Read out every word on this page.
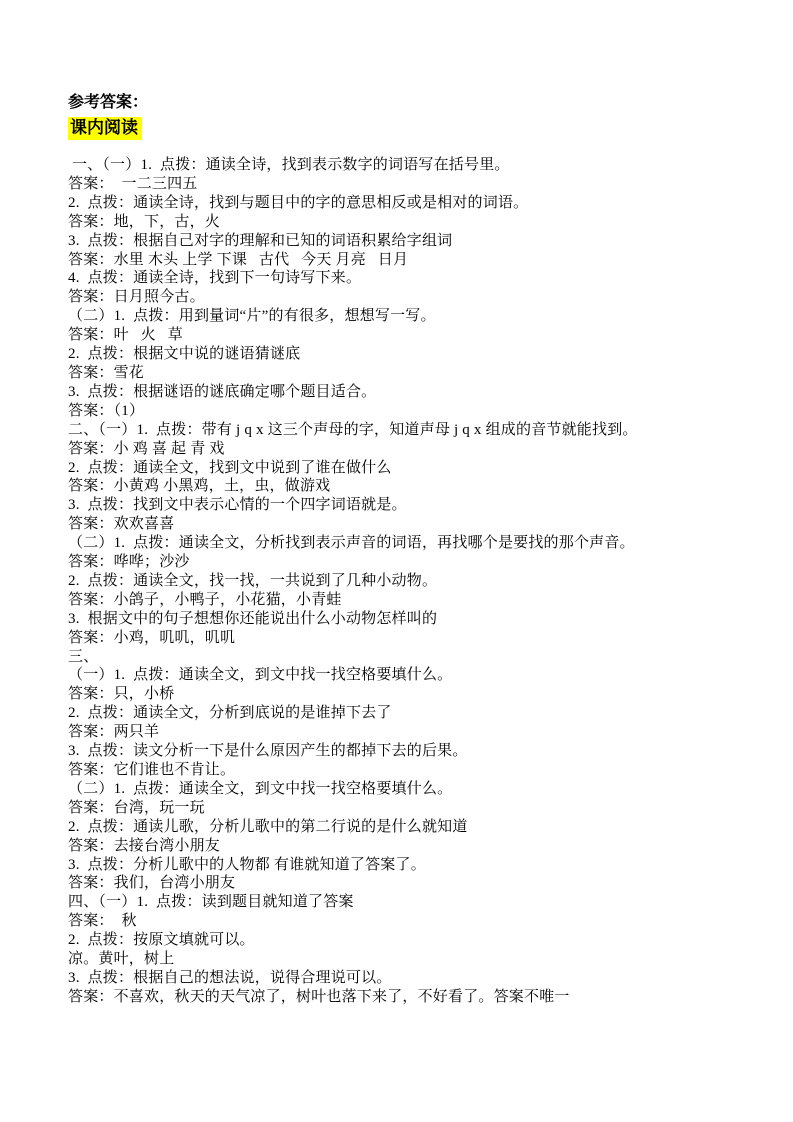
参考答案：

课内阅读
一、（一）1.  点拨：通读全诗，找到表示数字的词语写在括号里。
答案：  一二三四五
2.  点拨：通读全诗，找到与题目中的字的意思相反或是相对的词语。
答案：地，下，古，火
3.  点拨：根据自己对字的理解和已知的词语积累给字组词
答案：水里 木头 上学 下课   古代   今天 月亮   日月
4.  点拨：通读全诗，找到下一句诗写下来。
答案：日月照今古。
（二）1.  点拨：用到量词“片”的有很多，想想写一写。
答案：叶   火   草
2.  点拨：根据文中说的谜语猜谜底
答案：雪花
3.  点拨：根据谜语的谜底确定哪个题目适合。
答案：（1）
二、（一）1.  点拨：带有 j q x 这三个声母的字，知道声母 j q x 组成的音节就能找到。
答案：小 鸡 喜 起 青 戏
2.  点拨：通读全文，找到文中说到了谁在做什么
答案：小黄鸡 小黑鸡，土，虫，做游戏
3.  点拨：找到文中表示心情的一个四字词语就是。
答案：欢欢喜喜
（二）1.  点拨：通读全文，分析找到表示声音的词语，再找哪个是要找的那个声音。
答案：哗哗；沙沙
2.  点拨：通读全文，找一找，一共说到了几种小动物。
答案：小鸽子，小鸭子，小花猫，小青蛙
3.  根据文中的句子想想你还能说出什么小动物怎样叫的
答案：小鸡，叽叽，叽叽
三、
（一）1.  点拨：通读全文，到文中找一找空格要填什么。
答案：只，小桥
2.  点拨：通读全文，分析到底说的是谁掉下去了
答案：两只羊
3.  点拨：读文分析一下是什么原因产生的都掉下去的后果。
答案：它们谁也不肯让。
（二）1.  点拨：通读全文，到文中找一找空格要填什么。
答案：台湾，玩一玩
2.  点拨：通读儿歌，分析儿歌中的第二行说的是什么就知道
答案：去接台湾小朋友
3.  点拨：分析儿歌中的人物都 有谁就知道了答案了。
答案：我们，台湾小朋友
四、（一）1.  点拨：读到题目就知道了答案
答案：  秋
2.  点拨：按原文填就可以。
凉。黄叶，树上
3.  点拨：根据自己的想法说，说得合理说可以。
答案：不喜欢，秋天的天气凉了，树叶也落下来了，不好看了。答案不唯一
